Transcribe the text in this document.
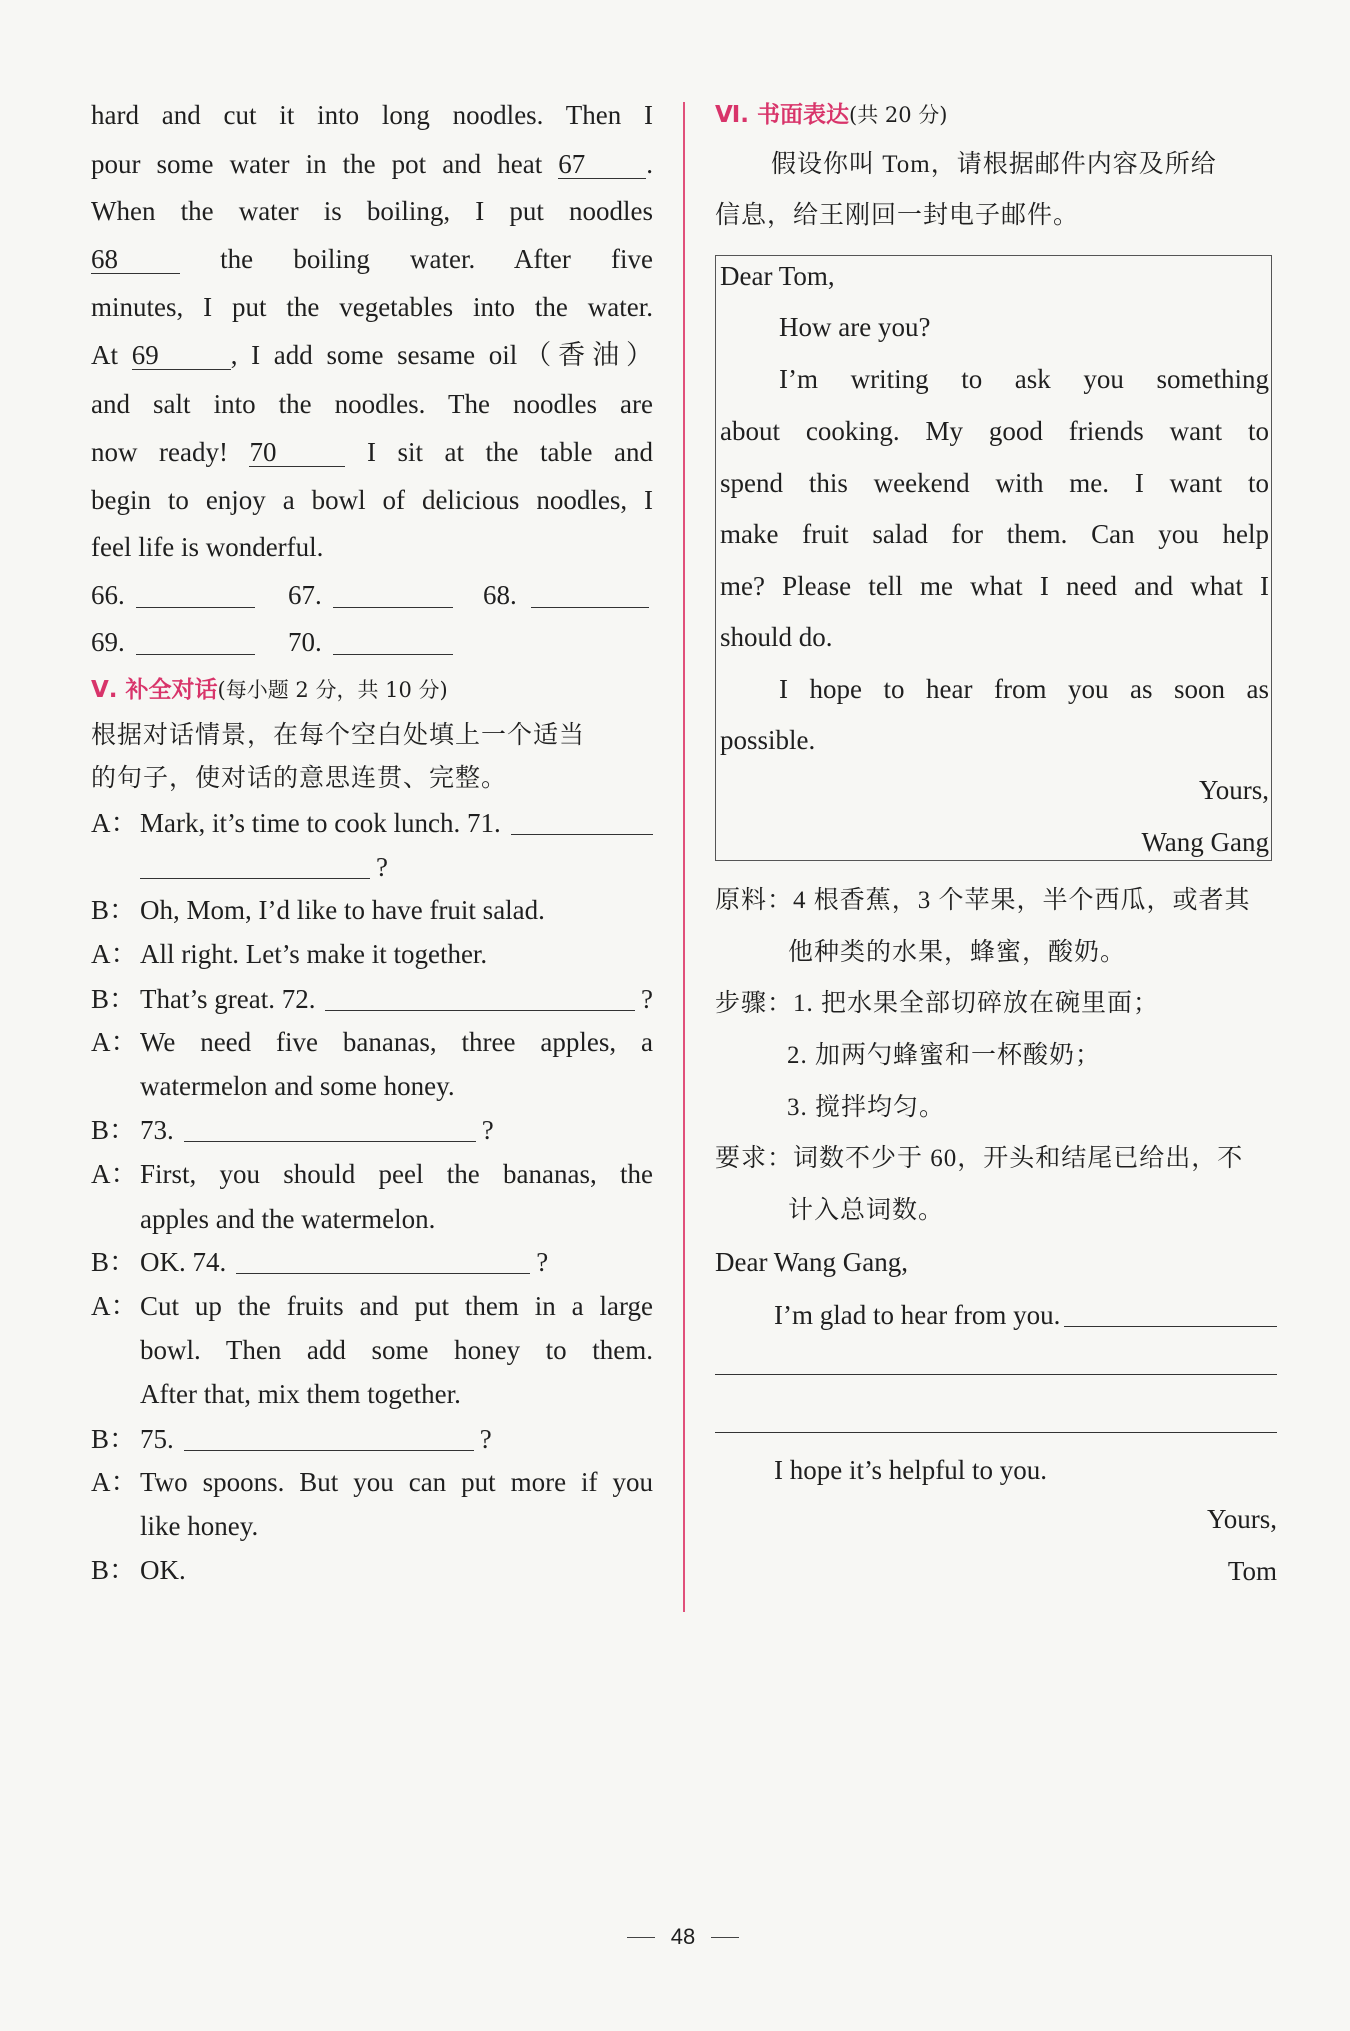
hard and cut it into long noodles. Then I
pour some water in the pot and heat 67 .
When the water is boiling, I put noodles
68	the boiling water. After five
minutes, I put the vegetables into the water.
At 69	, I add some sesame oil（香油）
and salt into the noodles. The noodles are
now ready! 70	I sit at the table and
begin to enjoy a bowl of delicious noodles, I
feel life is wonderful.
66.	67.	68.
69.	70.
Ⅴ. 补全对话(每小题 2 分，共 10 分)
根据对话情景，在每个空白处填上一个适当
的句子，使对话的意思连贯、完整。
A： Mark, it’s time to cook lunch. 71.
?
B： Oh, Mom, I’d like to have fruit salad.
A： All right. Let’s make it together.
B： That’s great. 72.	?
A： We need five bananas, three apples, a
watermelon and some honey.
B： 73.	?
A： First, you should peel the bananas, the
apples and the watermelon.
B： OK. 74.	?
A： Cut up the fruits and put them in a large
bowl. Then add some honey to them.
After that, mix them together.
B： 75.	?
A： Two spoons. But you can put more if you
like honey.
B： OK.
Ⅵ. 书面表达(共 20 分)
假设你叫 Tom，请根据邮件内容及所给
信息，给王刚回一封电子邮件。
Dear Tom,
How are you?
I’m writing to ask you something
about cooking. My good friends want to
spend this weekend with me. I want to
make fruit salad for them. Can you help
me? Please tell me what I need and what I
should do.
I hope to hear from you as soon as
possible.
Yours,
Wang Gang
原料：4 根香蕉，3 个苹果，半个西瓜，或者其
他种类的水果，蜂蜜，酸奶。
步骤：1. 把水果全部切碎放在碗里面；
2. 加两勺蜂蜜和一杯酸奶；
3. 搅拌均匀。
要求：词数不少于 60，开头和结尾已给出，不
计入总词数。
Dear Wang Gang,
I’m glad to hear from you.
I hope it’s helpful to you.
Yours,
Tom
48
